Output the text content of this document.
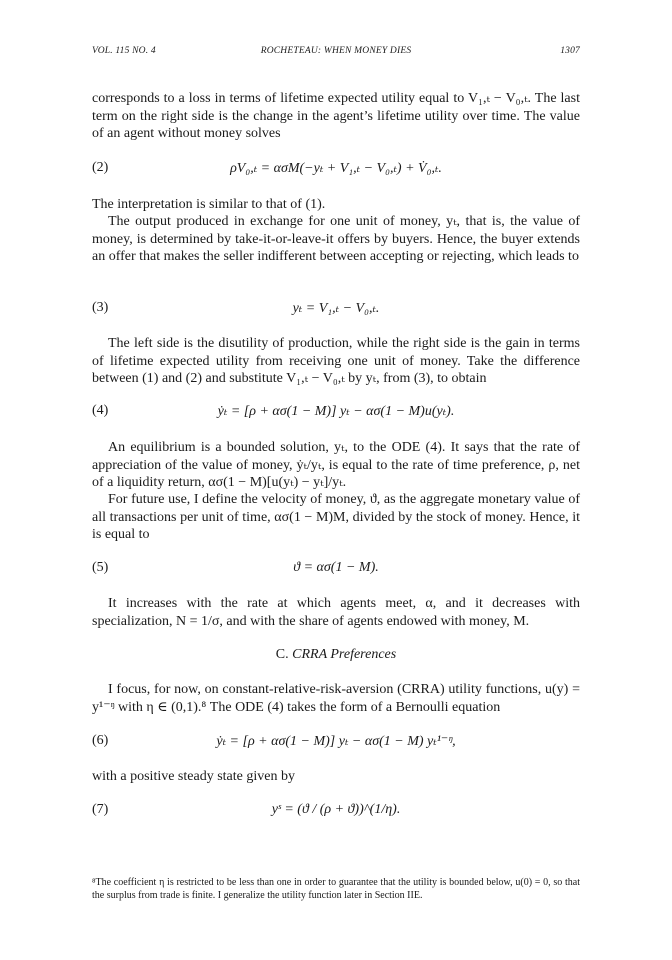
VOL. 115 NO. 4	ROCHETEAU: WHEN MONEY DIES	1307

corresponds to a loss in terms of lifetime expected utility equal to V₁,ₜ − V₀,ₜ. The last term on the right side is the change in the agent’s lifetime utility over time. The value of an agent without money solves

(2)	ρV₀,ₜ = ασM(−yₜ + V₁,ₜ − V₀,ₜ) + V̇₀,ₜ.

The interpretation is similar to that of (1).

The output produced in exchange for one unit of money, yₜ, that is, the value of money, is determined by take-it-or-leave-it offers by buyers. Hence, the buyer extends an offer that makes the seller indifferent between accepting or rejecting, which leads to

(3)	yₜ = V₁,ₜ − V₀,ₜ.

The left side is the disutility of production, while the right side is the gain in terms of lifetime expected utility from receiving one unit of money. Take the difference between (1) and (2) and substitute V₁,ₜ − V₀,ₜ by yₜ, from (3), to obtain

(4)	ẏₜ = [ρ + ασ(1 − M)] yₜ − ασ(1 − M)u(yₜ).

An equilibrium is a bounded solution, yₜ, to the ODE (4). It says that the rate of appreciation of the value of money, ẏₜ/yₜ, is equal to the rate of time preference, ρ, net of a liquidity return, ασ(1 − M)[u(yₜ) − yₜ]/yₜ.

For future use, I define the velocity of money, ϑ, as the aggregate monetary value of all transactions per unit of time, ασ(1 − M)M, divided by the stock of money. Hence, it is equal to

(5)	ϑ = ασ(1 − M).

It increases with the rate at which agents meet, α, and it decreases with specialization, N = 1/σ, and with the share of agents endowed with money, M.

C. CRRA Preferences

I focus, for now, on constant-relative-risk-aversion (CRRA) utility functions, u(y) = y¹⁻ᵑ with η ∈ (0,1).⁸ The ODE (4) takes the form of a Bernoulli equation

(6)	ẏₜ = [ρ + ασ(1 − M)] yₜ − ασ(1 − M) yₜ¹⁻ᵑ,

with a positive steady state given by

(7)	yˢ = (ϑ / (ρ + ϑ))^(1/η).
⁸The coefficient η is restricted to be less than one in order to guarantee that the utility is bounded below, u(0) = 0, so that the surplus from trade is finite. I generalize the utility function later in Section IIE.
